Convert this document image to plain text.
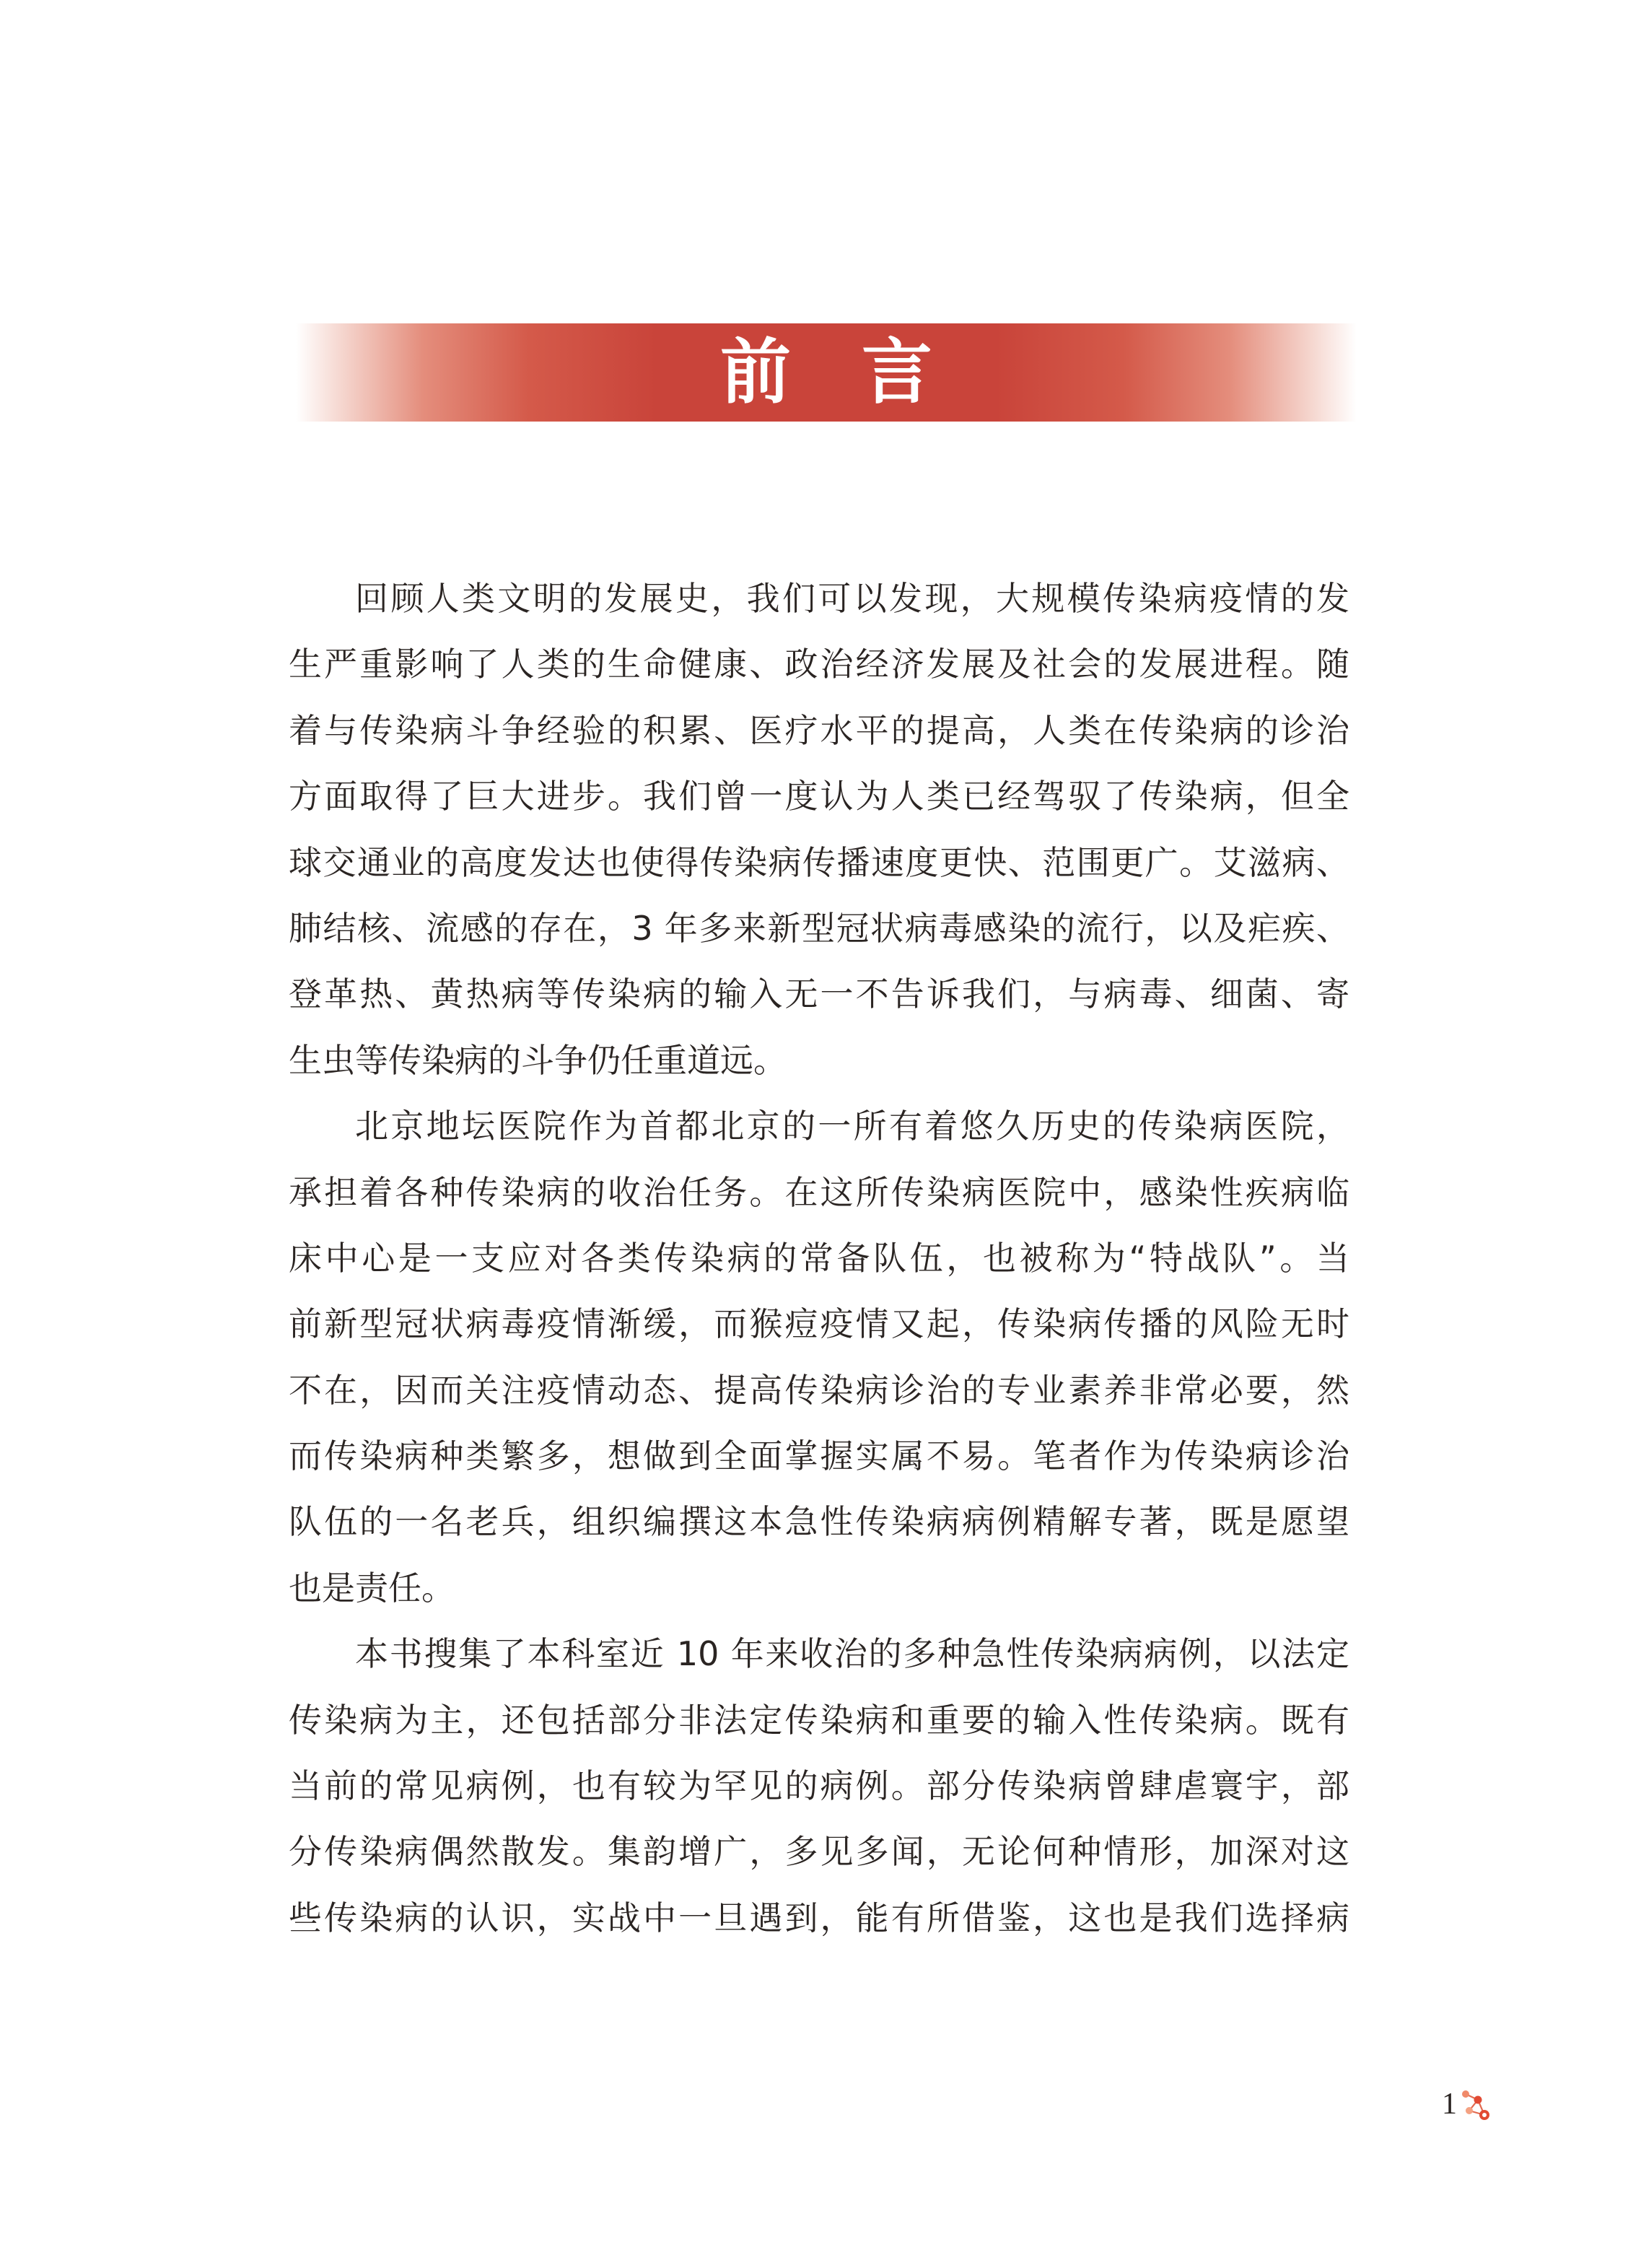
前　言
回顾人类文明的发展史，我们可以发现，大规模传染病疫情的发
生严重影响了人类的生命健康、政治经济发展及社会的发展进程。随
着与传染病斗争经验的积累、医疗水平的提高，人类在传染病的诊治
方面取得了巨大进步。我们曾一度认为人类已经驾驭了传染病，但全
球交通业的高度发达也使得传染病传播速度更快、范围更广。艾滋病、
肺结核、流感的存在，3 年多来新型冠状病毒感染的流行，以及疟疾、
登革热、黄热病等传染病的输入无一不告诉我们，与病毒、细菌、寄
生虫等传染病的斗争仍任重道远。
北京地坛医院作为首都北京的一所有着悠久历史的传染病医院，
承担着各种传染病的收治任务。在这所传染病医院中，感染性疾病临
床中心是一支应对各类传染病的常备队伍，也被称为“特战队”。当
前新型冠状病毒疫情渐缓，而猴痘疫情又起，传染病传播的风险无时
不在，因而关注疫情动态、提高传染病诊治的专业素养非常必要，然
而传染病种类繁多，想做到全面掌握实属不易。笔者作为传染病诊治
队伍的一名老兵，组织编撰这本急性传染病病例精解专著，既是愿望
也是责任。
本书搜集了本科室近 10 年来收治的多种急性传染病病例，以法定
传染病为主，还包括部分非法定传染病和重要的输入性传染病。既有
当前的常见病例，也有较为罕见的病例。部分传染病曾肆虐寰宇，部
分传染病偶然散发。集韵增广，多见多闻，无论何种情形，加深对这
些传染病的认识，实战中一旦遇到，能有所借鉴，这也是我们选择病
1
